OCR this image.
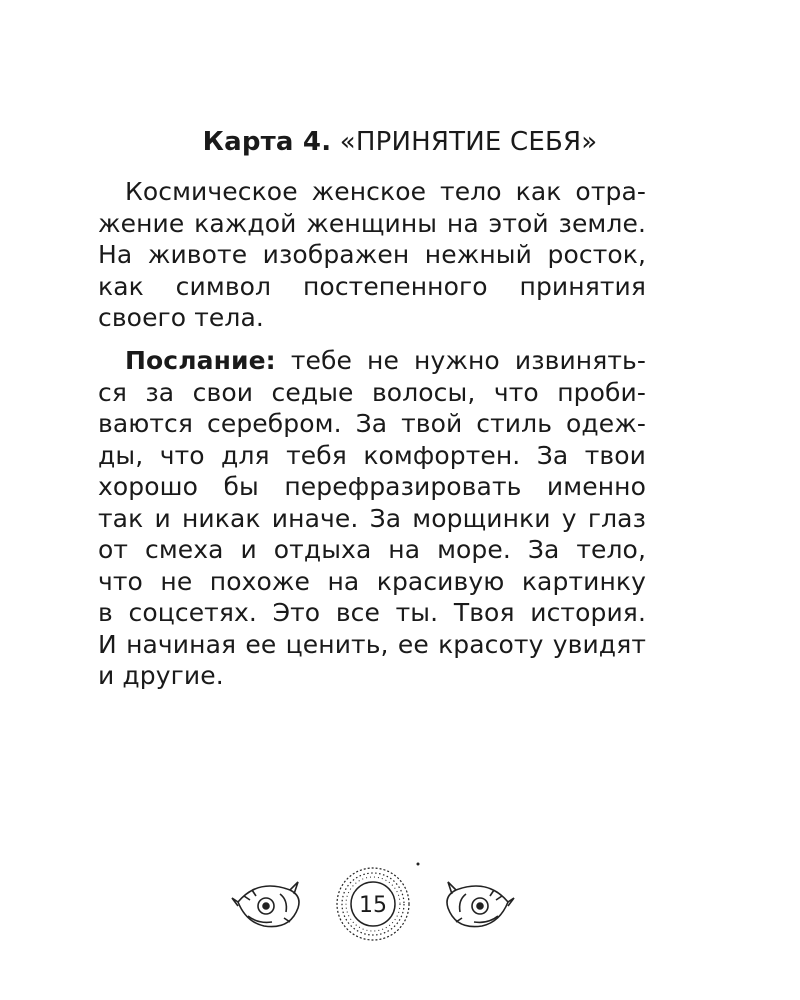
Карта 4. «ПРИНЯТИЕ СЕБЯ»
Космическое женское тело как отра-
жение каждой женщины на этой земле.
На животе изображен нежный росток,
как символ постепенного принятия
своего тела.
Послание: тебе не нужно извинять-
ся за свои седые волосы, что проби-
ваются серебром. За твой стиль одеж-
ды, что для тебя комфортен. За твои
хорошо бы перефразировать именно
так и никак иначе. За морщинки у глаз
от смеха и отдыха на море. За тело,
что не похоже на красивую картинку
в соцсетях. Это все ты. Твоя история.
И начиная ее ценить, ее красоту увидят
и другие.
15
